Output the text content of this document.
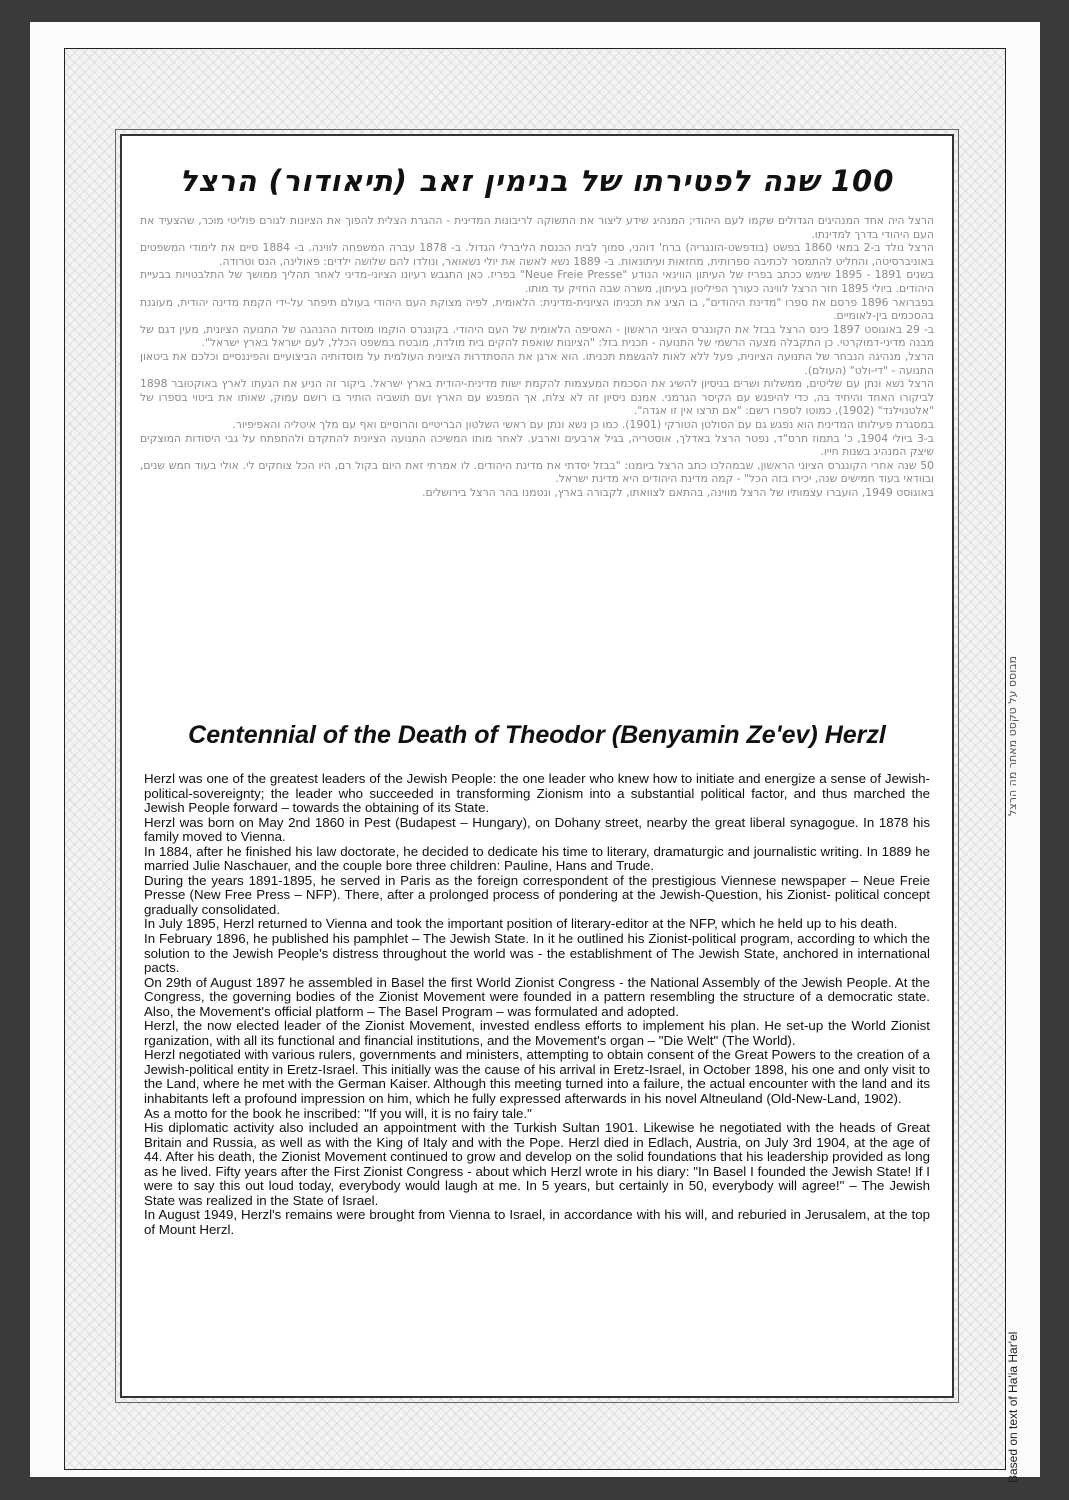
100 שנה לפטירתו של בנימין זאב (תיאודור) הרצל

הרצל היה אחד המנהיגים הגדולים שקמו לעם היהודי; המנהיג שידע ליצור את התשוקה לריבונות המדינית - ההגרת הצלית להפוך את הציונות לגורם פוליטי מוכר, שהצעיד את העם היהודי בדרך למדינתו.

הרצל נולד ב-2 במאי 1860 בפשט (בודפשט-הונגריה) ברח' דוהני, סמוך לבית הכנסת הליברלי הגדול. ב- 1878 עברה המשפחה לווינה. ב- 1884 סיים את לימודי המשפטים באוניברסיטה, והחליט להתמסר לכתיבה ספרותית, מחזאות ועיתונאות. ב- 1889 נשא לאשה את יולי נשאואר, ונולדו להם שלושה ילדים: פאולינה, הנס וטרודה.

בשנים 1891 - 1895 שימש ככתב בפריז של העיתון הווינאי הנודע "Neue Freie Presse" בפריז. כאן התגבש רעיונו הציוני-מדיני לאחר תהליך ממושך של התלבטויות בבעיית היהודים. ביולי 1895 חזר הרצל לווינה כעורך הפיליטון בעיתון, משרה שבה החזיק עד מותו.

בפברואר 1896 פרסם את ספרו "מדינת היהודים", בו הציג את תכניתו הציונית-מדינית: הלאומית, לפיה מצוקת העם היהודי בעולם תיפתר על-ידי הקמת מדינה יהודית, מעוגנת בהסכמים בין-לאומיים.

ב- 29 באוגוסט 1897 כינס הרצל בבזל את הקונגרס הציוני הראשון - האסיפה הלאומית של העם היהודי. בקונגרס הוקמו מוסדות ההנהגה של התנועה הציונית, מעין דגם של מבנה מדיני-דמוקרטי. כן התקבלה מצעה הרשמי של התנועה - תכנית בזל: "הציונות שואפת להקים בית מולדת, מובטח במשפט הכלל, לעם ישראל בארץ ישראל".

הרצל, מנהיגה הנבחר של התנועה הציונית, פעל ללא לאות להגשמת תכניתו. הוא ארגן את ההסתדרות הציונית העולמית על מוסדותיה הביצועיים והפיננסיים וכלכם את ביטאון התנועה - "די-ולט" (העולם).

הרצל נשא ונתן עם שליטים, ממשלות ושרים בניסיון להשיג את הסכמת המעצמות להקמת ישות מדינית-יהודית בארץ ישראל. ביקור זה הניע את הגעתו לארץ באוקטובר 1898 לביקורו האחד והיחיד בה, כדי להיפגש עם הקיסר הגרמני. אמנם ניסיון זה לא צלח, אך המפגש עם הארץ ועם תושביה הותיר בו רושם עמוק, שאותו את ביטוי בספרו של "אלטנוילנד" (1902), כמוטו לספרו רשם: "אם תרצו אין זו אגדה".

במסגרת פעילותו המדינית הוא נפגש גם עם הסולטן הטורקי (1901). כמו כן נשא ונתן עם ראשי השלטון הבריטיים והרוסיים ואף עם מלך איטליה והאפיפיור.

ב-3 ביולי 1904, כ' בתמוז תרס"ד, נפטר הרצל באדלך, אוסטריה, בגיל ארבעים וארבע. לאחר מותו המשיכה התנועה הציונית להתקדם ולהתפתח על גבי היסודות המוצקים שיצק המנהיג בשנות חייו.

50 שנה אחרי הקונגרס הציוני הראשון, שבמהלכו כתב הרצל ביומנו: "בבזל יסדתי את מדינת היהודים. לו אמרתי זאת היום בקול רם, היו הכל צוחקים לי. אולי בעוד חמש שנים, ובוודאי בעוד חמישים שנה, יכירו בזה הכל" - קמה מדינת היהודים היא מדינת ישראל.

באוגוסט 1949, הועברו עצמותיו של הרצל מווינה, בהתאם לצוואתו, לקבורה בארץ, ונטמנו בהר הרצל בירושלים.

Centennial of the Death of Theodor (Benyamin Ze'ev) Herzl

Herzl was one of the greatest leaders of the Jewish People: the one leader who knew how to initiate and energize a sense of Jewish-political-sovereignty; the leader who succeeded in transforming Zionism into a substantial political factor, and thus marched the Jewish People forward – towards the obtaining of its State.

Herzl was born on May 2nd 1860 in Pest (Budapest – Hungary), on Dohany street, nearby the great liberal synagogue. In 1878 his family moved to Vienna.

In 1884, after he finished his law doctorate, he decided to dedicate his time to literary, dramaturgic and journalistic writing. In 1889 he married Julie Naschauer, and the couple bore three children: Pauline, Hans and Trude.

During the years 1891-1895, he served in Paris as the foreign correspondent of the prestigious Viennese newspaper – Neue Freie Presse (New Free Press – NFP). There, after a prolonged process of pondering at the Jewish-Question, his Zionist- political concept gradually consolidated.

In July 1895, Herzl returned to Vienna and took the important position of literary-editor at the NFP, which he held up to his death.

In February 1896, he published his pamphlet – The Jewish State. In it he outlined his Zionist-political program, according to which the solution to the Jewish People's distress throughout the world was - the establishment of The Jewish State, anchored in international pacts.

On 29th of August 1897 he assembled in Basel the first World Zionist Congress - the National Assembly of the Jewish People. At the Congress, the governing bodies of the Zionist Movement were founded in a pattern resembling the structure of a democratic state. Also, the Movement's official platform – The Basel Program – was formulated and adopted.

Herzl, the now elected leader of the Zionist Movement, invested endless efforts to implement his plan. He set-up the World Zionist rganization, with all its functional and financial institutions, and the Movement's organ – "Die Welt" (The World).

Herzl negotiated with various rulers, governments and ministers, attempting to obtain consent of the Great Powers to the creation of a Jewish-political entity in Eretz-Israel. This initially was the cause of his arrival in Eretz-Israel, in October 1898, his one and only visit to the Land, where he met with the German Kaiser. Although this meeting turned into a failure, the actual encounter with the land and its inhabitants left a profound impression on him, which he fully expressed afterwards in his novel Altneuland (Old-New-Land, 1902).

As a motto for the book he inscribed: "If you will, it is no fairy tale."

His diplomatic activity also included an appointment with the Turkish Sultan 1901. Likewise he negotiated with the heads of Great Britain and Russia, as well as with the King of Italy and with the Pope. Herzl died in Edlach, Austria, on July 3rd 1904, at the age of 44. After his death, the Zionist Movement continued to grow and develop on the solid foundations that his leadership provided as long as he lived. Fifty years after the First Zionist Congress - about which Herzl wrote in his diary: "In Basel I founded the Jewish State! If I were to say this out loud today, everybody would laugh at me. In 5 years, but certainly in 50, everybody will agree!" – The Jewish State was realized in the State of Israel.

In August 1949, Herzl's remains were brought from Vienna to Israel, in accordance with his will, and reburied in Jerusalem, at the top of Mount Herzl.

מבוסס על טקסט מאתר מה הרצל
Based on text of Ha'ia Har'el
